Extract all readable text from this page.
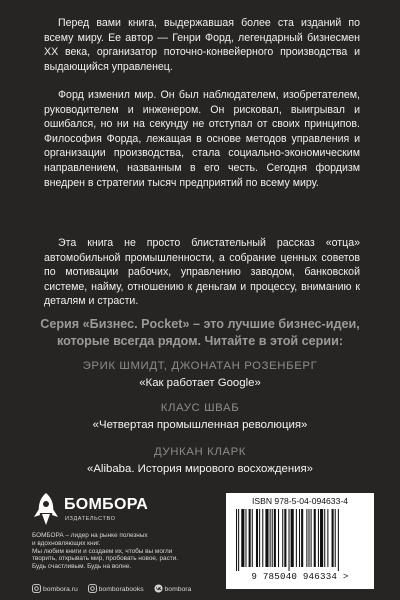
Перед вами книга, выдержавшая более ста изданий по всему миру. Ее автор — Генри Форд, легендарный бизнесмен XX века, организатор поточно-конвейерного производства и выдающийся управленец.

Форд изменил мир. Он был наблюдателем, изобретателем, руководителем и инженером. Он рисковал, выигрывал и ошибался, но ни на секунду не отступал от своих принципов. Философия Форда, лежащая в основе методов управления и организации производства, стала социально-экономическим направлением, названным в его честь. Сегодня фордизм внедрен в стратегии тысяч предприятий по всему миру.

Эта книга не просто блистательный рассказ «отца» автомобильной промышленности, а собрание ценных советов по мотивации рабочих, управлению заводом, банковской системе, найму, отношению к деньгам и процессу, вниманию к деталям и страсти.

Серия «Бизнес. Pocket» – это лучшие бизнес-идеи, которые всегда рядом. Читайте в этой серии:
ЭРИК ШМИДТ, ДЖОНАТАН РОЗЕНБЕРГ
«Как работает Google»
КЛАУС ШВАБ
«Четвертая промышленная революция»
ДУНКАН КЛАРК
«Alibaba. История мирового восхождения»
БОМБОРА
ИЗДАТЕЛЬСТВО
БОМБОРА – лидер на рынке полезных
и вдохновляющих книг.
Мы любим книги и создаем их, чтобы вы могли
творить, открывать мир, пробовать новое, расти.
Будь счастливым. Будь на волне.
bombora.ru	bomborabooks	bombora
ISBN 978-5-04-094633-4
9 785040 946334 >
